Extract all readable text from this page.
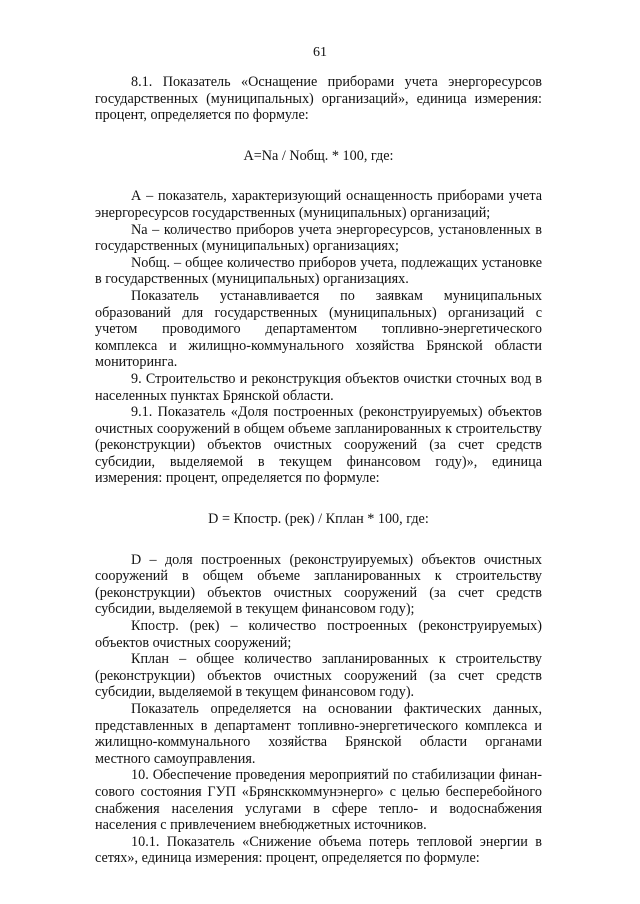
61

8.1. Показатель «Оснащение приборами учета энергоресурсов государственных (муниципальных) организаций», единица измерения: процент, определяется по формуле:

А=Na / Nобщ. * 100, где:

А – показатель, характеризующий оснащенность приборами учета энергоресурсов государственных (муниципальных) организаций;

Na – количество приборов учета энергоресурсов, установленных в государственных (муниципальных) организациях;

Nобщ. – общее количество приборов учета, подлежащих установке в государственных (муниципальных) организациях.

Показатель устанавливается по заявкам муниципальных образований для государственных (муниципальных) организаций с учетом проводимого департаментом топливно-энергетического комплекса и жилищно-коммунального хозяйства Брянской области мониторинга.

9. Строительство и реконструкция объектов очистки сточных вод в населенных пунктах Брянской области.

9.1. Показатель «Доля построенных (реконструируемых) объектов очистных сооружений в общем объеме запланированных к строительству (реконструкции) объектов очистных сооружений (за счет средств субсидии, выделяемой в текущем финансовом году)», единица измерения: процент, определяется по формуле:

D = Кпостр. (рек) / Кплан * 100, где:

D – доля построенных (реконструируемых) объектов очистных сооружений в общем объеме запланированных к строительству (реконструкции) объектов очистных сооружений (за счет средств субсидии, выделяемой в текущем финансовом году);

Кпостр. (рек) – количество построенных (реконструируемых) объектов очистных сооружений;

Кплан – общее количество запланированных к строительству (реконструкции) объектов очистных сооружений (за счет средств субсидии, выделяемой в текущем финансовом году).

Показатель определяется на основании фактических данных, представленных в департамент топливно-энергетического комплекса и жилищно-коммунального хозяйства Брянской области органами местного самоуправления.

10. Обеспечение проведения мероприятий по стабилизации финансового состояния ГУП «Брянсккоммунэнерго» с целью бесперебойного снабжения населения услугами в сфере тепло- и водоснабжения населения с привлечением внебюджетных источников.

10.1. Показатель «Снижение объема потерь тепловой энергии в сетях», единица измерения: процент, определяется по формуле:
